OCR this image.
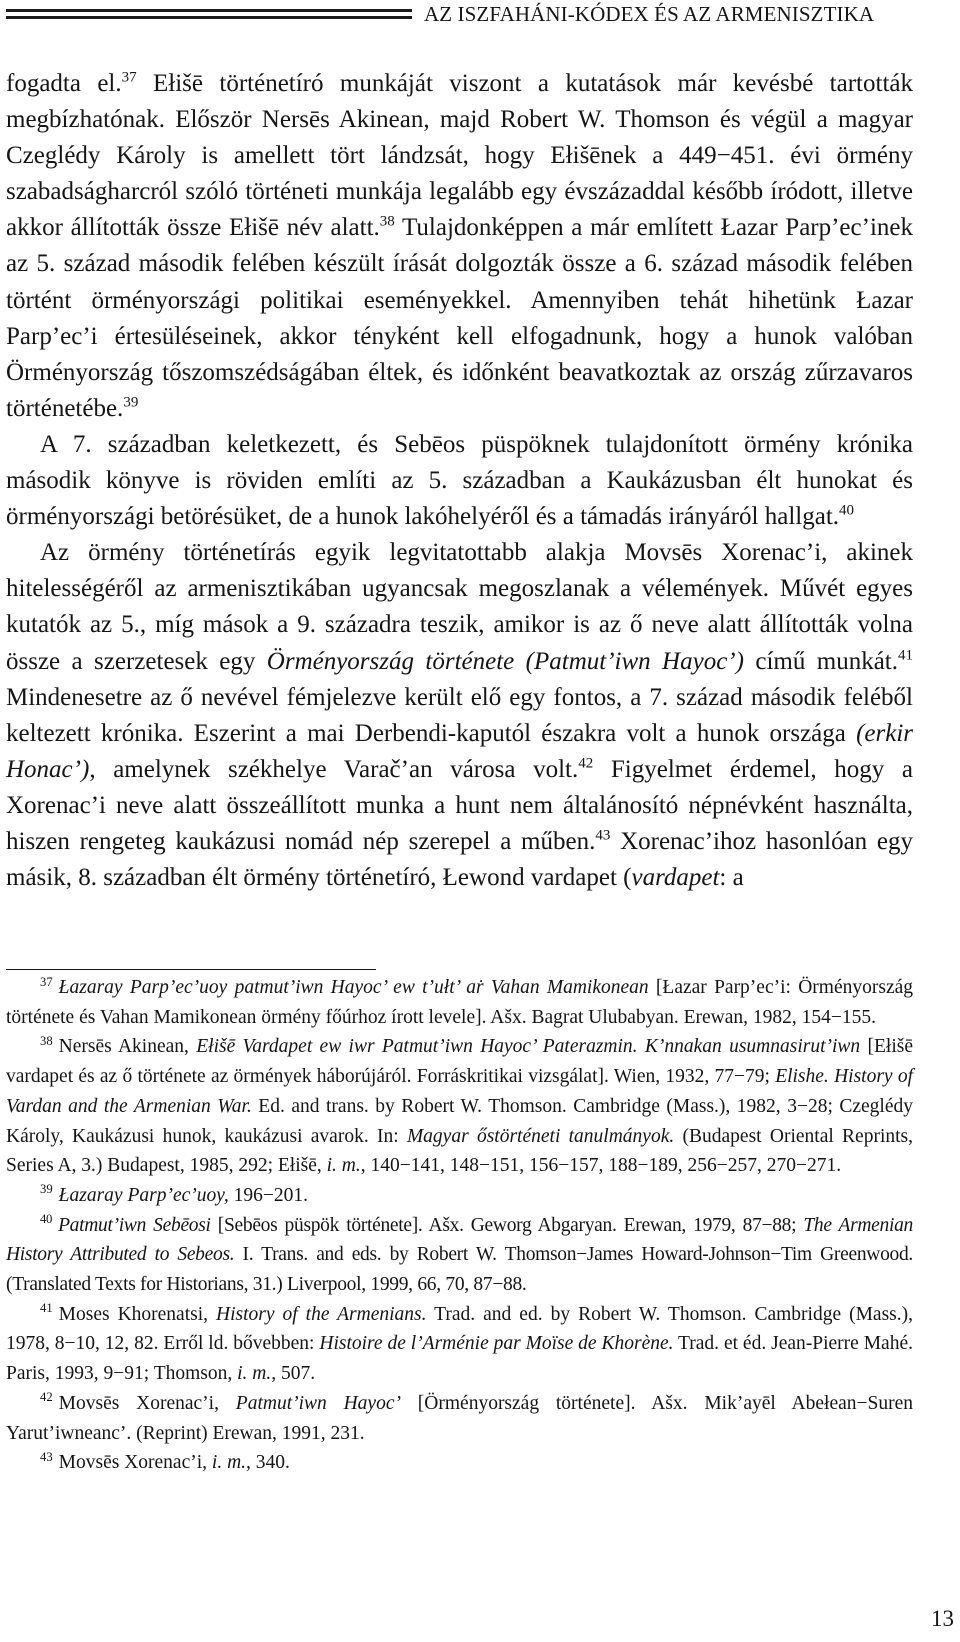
AZ ISZFAHÁNI-KÓDEX ÉS AZ ARMENISZTIKA

fogadta el.$^{37}$ Ełišē történetíró munkáját viszont a kutatások már kevésbé tartották megbízhatónak. Először Nersēs Akinean, majd Robert W. Thomson és végül a magyar Czeglédy Károly is amellett tört lándzsát, hogy Ełišēnek a 449−451. évi örmény szabadságharcról szóló történeti munkája legalább egy évszázaddal később íródott, illetve akkor állították össze Ełišē név alatt.$^{38}$ Tulajdonképpen a már említett Łazar Parp’ec’inek az 5. század második felében készült írását dolgozták össze a 6. század második felében történt örményországi politikai eseményekkel. Amennyiben tehát hihetünk Łazar Parp’ec’i értesüléseinek, akkor tényként kell elfogadnunk, hogy a hunok valóban Örményország tőszomszédságában éltek, és időnként beavatkoztak az ország zűrzavaros történetébe.$^{39}$

A 7. században keletkezett, és Sebēos püspöknek tulajdonított örmény krónika második könyve is röviden említi az 5. században a Kaukázusban élt hunokat és örményországi betörésüket, de a hunok lakóhelyéről és a támadás irányáról hallgat.$^{40}$

Az örmény történetírás egyik legvitatottabb alakja Movsēs Xorenac’i, akinek hitelességéről az armenisztikában ugyancsak megoszlanak a vélemények. Művét egyes kutatók az 5., míg mások a 9. századra teszik, amikor is az ő neve alatt állították volna össze a szerzetesek egy Örményország története (Patmut’iwn Hayoc’) című munkát.$^{41}$ Mindenesetre az ő nevével fémjelezve került elő egy fontos, a 7. század második feléből keltezett krónika. Eszerint a mai Derbendi-kaputól északra volt a hunok országa (erkir Honac’), amelynek székhelye Varač’an városa volt.$^{42}$ Figyelmet érdemel, hogy a Xorenac’i neve alatt összeállított munka a hunt nem általánosító népnévként használta, hiszen rengeteg kaukázusi nomád nép szerepel a műben.$^{43}$ Xorenac’ihoz hasonlóan egy másik, 8. században élt örmény történetíró, Łewond vardapet (vardapet: a

$^{37}$ Łazaray Parp’ec’uoy patmut’iwn Hayoc’ ew t’ułt’ aṙ Vahan Mamikonean [Łazar Parp’ec’i: Örményország története és Vahan Mamikonean örmény főúrhoz írott levele]. Ašx. Bagrat Ulubabyan. Erewan, 1982, 154−155.

$^{38}$ Nersēs Akinean, Ełišē Vardapet ew iwr Patmut’iwn Hayoc’ Paterazmin. K’nnakan usumnasirut’iwn [Ełišē vardapet és az ő története az örmények háborújáról. Forráskritikai vizsgálat]. Wien, 1932, 77−79; Elishe. History of Vardan and the Armenian War. Ed. and trans. by Robert W. Thomson. Cambridge (Mass.), 1982, 3−28; Czeglédy Károly, Kaukázusi hunok, kaukázusi avarok. In: Magyar őstörténeti tanulmányok. (Budapest Oriental Reprints, Series A, 3.) Budapest, 1985, 292; Ełišē, i. m., 140−141, 148−151, 156−157, 188−189, 256−257, 270−271.

$^{39}$ Łazaray Parp’ec’uoy, 196−201.

$^{40}$ Patmut’iwn Sebēosi [Sebēos püspök története]. Ašx. Geworg Abgaryan. Erewan, 1979, 87−88; The Armenian History Attributed to Sebeos. I. Trans. and eds. by Robert W. Thomson−James Howard-Johnson−Tim Greenwood. (Translated Texts for Historians, 31.) Liverpool, 1999, 66, 70, 87−88.

$^{41}$ Moses Khorenatsi, History of the Armenians. Trad. and ed. by Robert W. Thomson. Cambridge (Mass.), 1978, 8−10, 12, 82. Erről ld. bővebben: Histoire de l’Arménie par Moïse de Khorène. Trad. et éd. Jean-Pierre Mahé. Paris, 1993, 9−91; Thomson, i. m., 507.

$^{42}$ Movsēs Xorenac’i, Patmut’iwn Hayoc’ [Örményország története]. Ašx. Mik’ayēl Abełean−Suren Yarut’iwneanc’. (Reprint) Erewan, 1991, 231.

$^{43}$ Movsēs Xorenac’i, i. m., 340.

13
